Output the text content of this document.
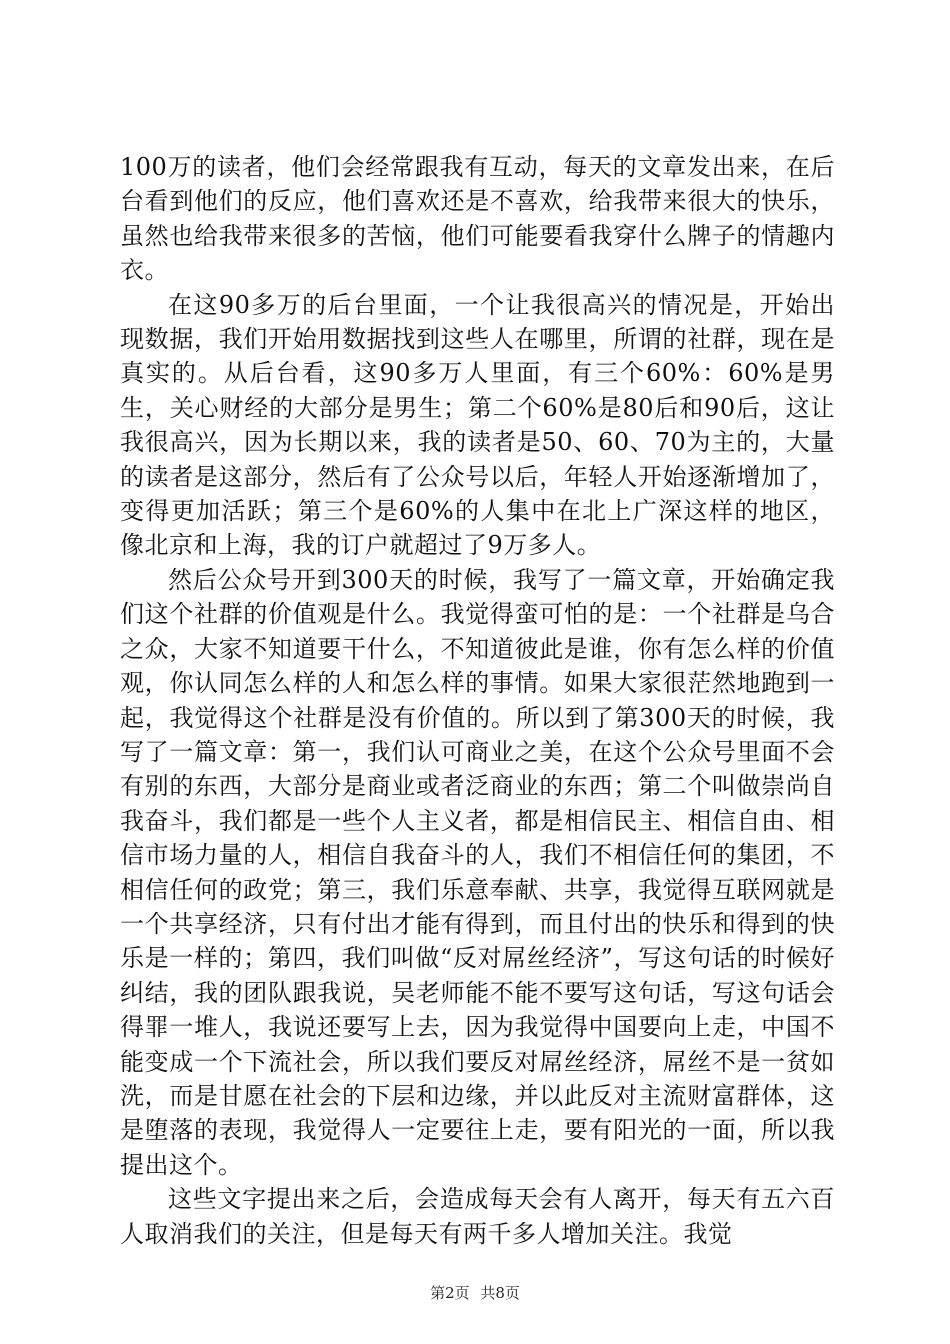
100万的读者，他们会经常跟我有互动，每天的文章发出来，在后台看到他们的反应，他们喜欢还是不喜欢，给我带来很大的快乐，虽然也给我带来很多的苦恼，他们可能要看我穿什么牌子的情趣内衣。

在这90多万的后台里面，一个让我很高兴的情况是，开始出现数据，我们开始用数据找到这些人在哪里，所谓的社群，现在是真实的。从后台看，这90多万人里面，有三个60%：60%是男生，关心财经的大部分是男生；第二个60%是80后和90后，这让我很高兴，因为长期以来，我的读者是50、60、70为主的，大量的读者是这部分，然后有了公众号以后，年轻人开始逐渐增加了，变得更加活跃；第三个是60%的人集中在北上广深这样的地区，像北京和上海，我的订户就超过了9万多人。

然后公众号开到300天的时候，我写了一篇文章，开始确定我们这个社群的价值观是什么。我觉得蛮可怕的是：一个社群是乌合之众，大家不知道要干什么，不知道彼此是谁，你有怎么样的价值观，你认同怎么样的人和怎么样的事情。如果大家很茫然地跑到一起，我觉得这个社群是没有价值的。所以到了第300天的时候，我写了一篇文章：第一，我们认可商业之美，在这个公众号里面不会有别的东西，大部分是商业或者泛商业的东西；第二个叫做崇尚自我奋斗，我们都是一些个人主义者，都是相信民主、相信自由、相信市场力量的人，相信自我奋斗的人，我们不相信任何的集团，不相信任何的政党；第三，我们乐意奉献、共享，我觉得互联网就是一个共享经济，只有付出才能有得到，而且付出的快乐和得到的快乐是一样的；第四，我们叫做“反对屌丝经济”，写这句话的时候好纠结，我的团队跟我说，吴老师能不能不要写这句话，写这句话会得罪一堆人，我说还要写上去，因为我觉得中国要向上走，中国不能变成一个下流社会，所以我们要反对屌丝经济，屌丝不是一贫如洗，而是甘愿在社会的下层和边缘，并以此反对主流财富群体，这是堕落的表现，我觉得人一定要往上走，要有阳光的一面，所以我提出这个。

这些文字提出来之后，会造成每天会有人离开，每天有五六百人取消我们的关注，但是每天有两千多人增加关注。我觉

第2页 共8页
